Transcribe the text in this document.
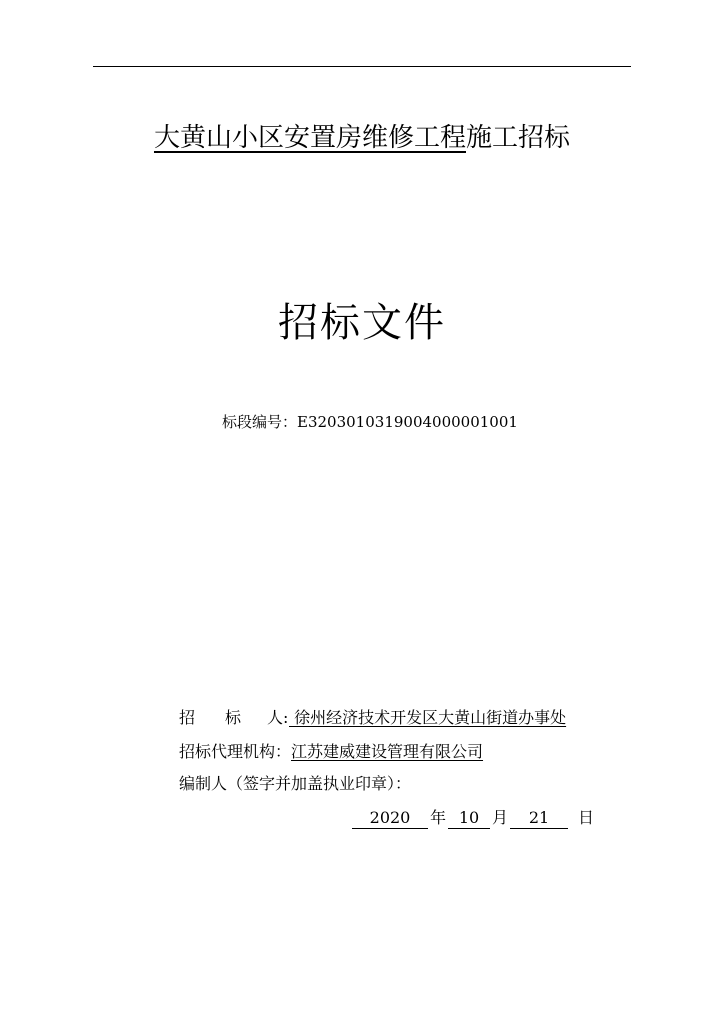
大黄山小区安置房维修工程施工招标
招标文件
标段编号：E3203010319004000001001
招 标 人: 徐州经济技术开发区大黄山街道办事处
招标代理机构：江苏建威建设管理有限公司
编制人（签字并加盖执业印章）：
2020 年 10 月 21 日
